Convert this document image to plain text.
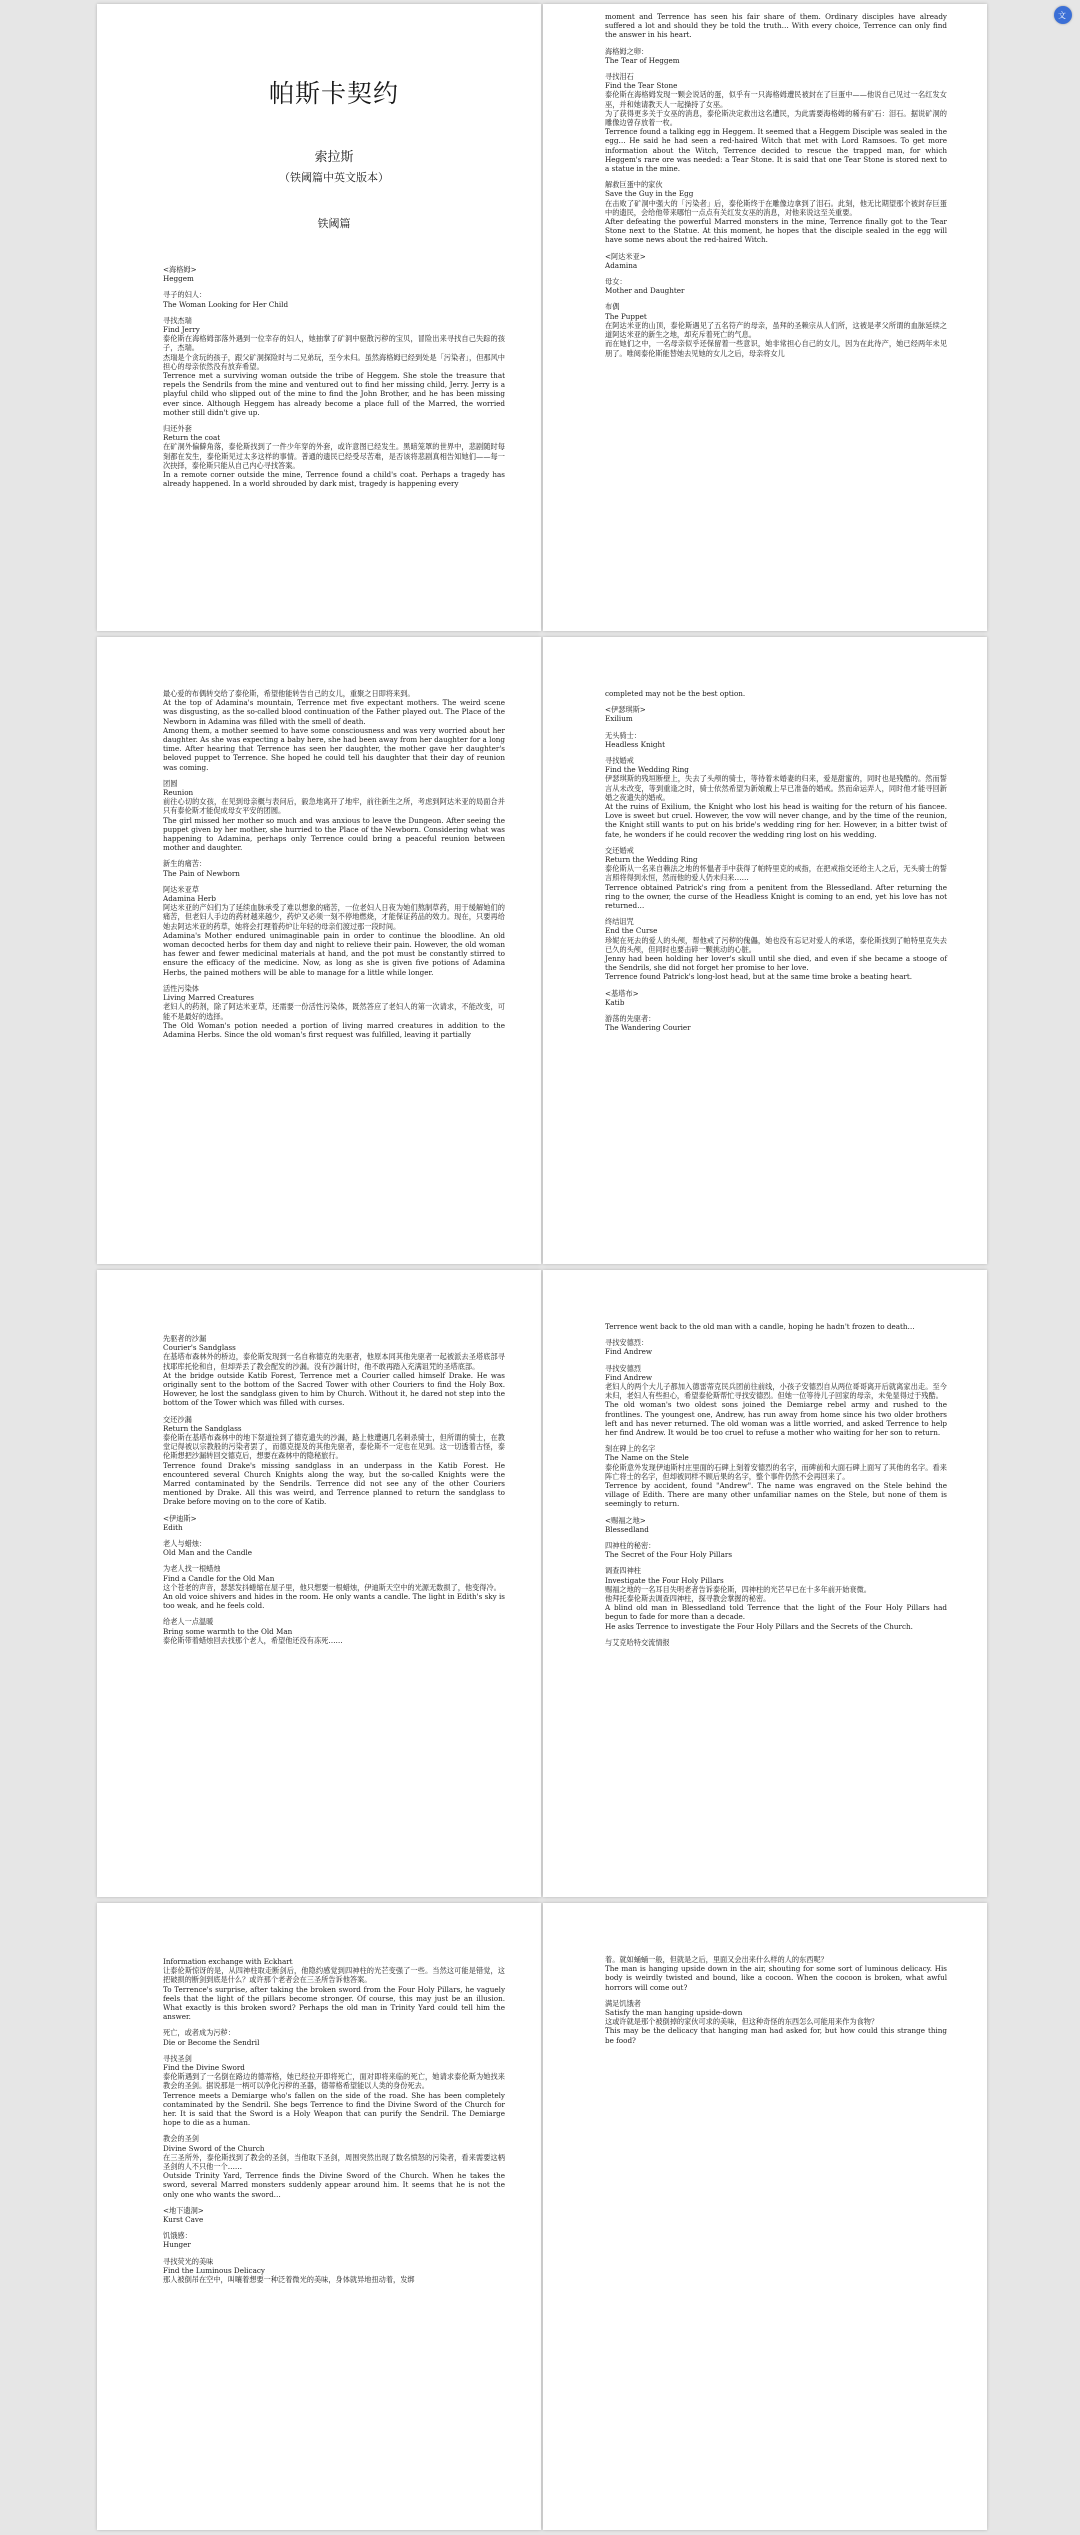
文
帕斯卡契约
索拉斯
（铁阈篇中英文版本）
铁阈篇

<海格姆>

Heggem

寻子的妇人：

The Woman Looking for Her Child

寻找杰瑞

Find Jerry

泰伦斯在海格姆部落外遇到一位幸存的妇人，她抽掌了矿洞中驱散污秽的宝贝，冒险出来寻找自己失踪的孩子，杰瑞。

杰瑞是个贪玩的孩子，跟父矿洞探险时与二兄弟玩，至今未归。虽然海格姆已经到处是「污染者」，但那风中担心的母亲依然没有放弃希望。

Terrence met a surviving woman outside the tribe of Heggem. She stole the treasure that repels the Sendrils from the mine and ventured out to find her missing child, Jerry. Jerry is a playful child who slipped out of the mine to find the John Brother, and he has been missing ever since. Although Heggem has already become a place full of the Marred, the worried mother still didn't give up.

归还外套

Return the coat

在矿洞外偏僻角落，泰伦斯找到了一件少年穿的外套，或许意图已经发生。黑暗笼罩的世界中，悲剧随时每刻都在发生，泰伦斯见过太多这样的事情。普通的遗民已经受尽苦难，是否该将悲剧真相告知她们——每一次抉择，泰伦斯只能从自己内心寻找答案。

In a remote corner outside the mine, Terrence found a child's coat. Perhaps a tragedy has already happened. In a world shrouded by dark mist, tragedy is happening every

moment and Terrence has seen his fair share of them. Ordinary disciples have already suffered a lot and should they be told the truth… With every choice, Terrence can only find the answer in his heart.

海格姆之卵：

The Tear of Heggem

寻找泪石

Find the Tear Stone

泰伦斯在海格姆发现一颗会说话的蛋，似乎有一只海格姆遭民被封在了巨蛋中——他说自己见过一名红发女巫，并和她请教天人一起操持了女巫。

为了获得更多关于女巫的消息，泰伦斯决定救出这名遭民，为此需要海格姆的稀有矿石：泪石。据说矿洞的雕像边曾存放着一枚。

Terrence found a talking egg in Heggem. It seemed that a Heggem Disciple was sealed in the egg… He said he had seen a red-haired Witch that met with Lord Ramsoes. To get more information about the Witch, Terrence decided to rescue the trapped man, for which Heggem's rare ore was needed: a Tear Stone. It is said that one Tear Stone is stored next to a statue in the mine.

解救巨蛋中的家伙

Save the Guy in the Egg

在击败了矿洞中强大的「污染者」后，泰伦斯终于在雕像边拿到了泪石。此刻，他无比期望那个被封存巨蛋中的遗民，会给他带来哪怕一点点有关红发女巫的消息，对他来说这至关重要。

After defeating the powerful Marred monsters in the mine, Terrence finally got to the Tear Stone next to the Statue. At this moment, he hopes that the disciple sealed in the egg will have some news about the red-haired Witch.

<阿达米亚>

Adamina

母女：

Mother and Daughter

布偶

The Puppet

在阿达米亚的山顶，泰伦斯遇见了五名符产的母亲，虽拜的圣赖宗从人们所，这被是孝父所谓的血脉延续之道阿达米亚的新生之地，却充斥着死亡的气息。

而在她们之中，一名母亲似乎还保留着一些意识，她非常担心自己的女儿，因为在此待产，她已经两年未见朋了。唯阅泰伦斯能替她去见她的女儿之后，母亲将女儿

最心爱的布偶转交给了泰伦斯，希望他能转告自己的女儿，重聚之日即将来到。

At the top of Adamina's mountain, Terrence met five expectant mothers. The weird scene was disgusting, as the so-called blood continuation of the Father played out. The Place of the Newborn in Adamina was filled with the smell of death.

Among them, a mother seemed to have some consciousness and was very worried about her daughter. As she was expecting a baby here, she had been away from her daughter for a long time. After hearing that Terrence has seen her daughter, the mother gave her daughter's beloved puppet to Terrence. She hoped he could tell his daughter that their day of reunion was coming.

团圆

Reunion

前往心切的女孩，在见到母亲概与表问后，毅急地离开了地牢，前往新生之所，考虑到阿达米亚的局面合并只有泰伦斯才能促成母女平安的团圆。

The girl missed her mother so much and was anxious to leave the Dungeon. After seeing the puppet given by her mother, she hurried to the Place of the Newborn. Considering what was happening to Adamina, perhaps only Terrence could bring a peaceful reunion between mother and daughter.

新生的痛苦：

The Pain of Newborn

阿达米亚草

Adamina Herb

阿达米亚的产妇们为了延续血脉承受了难以想象的痛苦，一位老妇人日夜为她们熬制草药，用于缓解她们的痛苦，但老妇人手边的药材越来越少，药炉又必须一刻不停地燃烧，才能保证药品的效力。现在，只要再给她去阿达米亚的药草，她将会打理着药炉让年轻的母亲们渡过那一段时间。

Adamina's Mother endured unimaginable pain in order to continue the bloodline. An old woman decocted herbs for them day and night to relieve their pain. However, the old woman has fewer and fewer medicinal materials at hand, and the pot must be constantly stirred to ensure the efficacy of the medicine. Now, as long as she is given five potions of Adamina Herbs, the pained mothers will be able to manage for a little while longer.

活性污染体

Living Marred Creatures

老妇人的药剂，除了阿达米亚草，还需要一份活性污染体，既然答应了老妇人的第一次请求，不能改变，可能不是最好的选择。

The Old Woman's potion needed a portion of living marred creatures in addition to the Adamina Herbs. Since the old woman's first request was fulfilled, leaving it partially

completed may not be the best option.

<伊瑟琪斯>

Exilium

无头骑士：

Headless Knight

寻找婚戒

Find the Wedding Ring

伊瑟琪斯的残垣断壁上，失去了头颅的骑士，等待着未婚妻的归来，爱是甜蜜的，同时也是残酷的。然而誓言从未改变，等到重逢之时，骑士依然希望为新娘戴上早已准备的婚戒。然而命运弄人，同时他才能寻回新婚之夜遗失的婚戒。

At the ruins of Exilium, the Knight who lost his head is waiting for the return of his fiancee. Love is sweet but cruel. However, the vow will never change, and by the time of the reunion, the Knight still wants to put on his bride's wedding ring for her. However, in a bitter twist of fate, he wonders if he could recover the wedding ring lost on his wedding.

交还婚戒

Return the Wedding Ring

泰伦斯从一名来自赖法之地的怀愠者手中获得了帕特里克的戒指，在把戒指交还给主人之后，无头骑士的誓言照将得到永恒，然而他的爱人仍未归来……

Terrence obtained Patrick's ring from a penitent from the Blessedland. After returning the ring to the owner, the curse of the Headless Knight is coming to an end, yet his love has not returned…

终结诅咒

End the Curse

珍妮在死去的爱人的头颅，帮他戒了污秽的傀儡，她也没有忘记对爱人的承诺，泰伦斯找到了帕特里克失去已久的头颅，但同时也要击碎一颗挑动的心脏。

Jenny had been holding her lover's skull until she died, and even if she became a stooge of the Sendrils, she did not forget her promise to her love.

Terrence found Patrick's long-lost head, but at the same time broke a beating heart.

<基塔布>

Katib

游荡的先驱者：

The Wandering Courier

先驱者的沙漏

Courier's Sandglass

在基塔布森林外的桥边，泰伦斯发现到一名自称德克的先驱者，他原本同其他先驱者一起被派去圣塔底部寻找耶库托伦和自，但却弄丢了教会配发的沙漏。没有沙漏计时，他不敢再踏入充满诅咒的圣塔底部。

At the bridge outside Katib Forest, Terrence met a Courier called himself Drake. He was originally sent to the bottom of the Sacred Tower with other Couriers to find the Holy Box. However, he lost the sandglass given to him by Church. Without it, he dared not step into the bottom of the Tower which was filled with curses.

交还沙漏

Return the Sandglass

泰伦斯在基塔布森林中的地下祭道捡到了德克遗失的沙漏，路上他遭遇几名刺杀骑士，但所谓的骑士，在教堂记得被以宗教般的污染者罢了，而德克提及的其他先驱者，泰伦斯不一定也在见到。这一切透着古怪，泰伦斯想把沙漏转回交德克后，想要在森林中的隐秘旅行。

Terrence found Drake's missing sandglass in an underpass in the Katib Forest. He encountered several Church Knights along the way, but the so-called Knights were the Marred contaminated by the Sendrils. Terrence did not see any of the other Couriers mentioned by Drake. All this was weird, and Terrence planned to return the sandglass to Drake before moving on to the core of Katib.

<伊迪斯>

Edith

老人与蜡烛：

Old Man and the Candle

为老人找一根蜡烛

Find a Candle for the Old Man

这个苍老的声音，瑟瑟发抖蜷缩在屋子里，他只想要一根蜡烛，伊迪斯天空中的光源无数损了，他变得冷。

An old voice shivers and hides in the room. He only wants a candle. The light in Edith's sky is too weak, and he feels cold.

给老人一点温暖

Bring some warmth to the Old Man

泰伦斯带着蜡烛回去找那个老人，希望他还没有冻死……

Terrence went back to the old man with a candle, hoping he hadn't frozen to death…

寻找安德烈：

Find Andrew

寻找安德烈

Find Andrew

老妇人的两个大儿子都加入德雷蒂克民兵团前往前线，小孩子安德烈自从两位哥哥离开后就离家出走。至今未归，老妇人有些担心，希望泰伦斯帮忙寻找安德烈。但她一位等待儿子回家的母亲，未免显得过于残酷。

The old woman's two oldest sons joined the Demiarge rebel army and rushed to the frontlines. The youngest one, Andrew, has run away from home since his two older brothers left and has never returned. The old woman was a little worried, and asked Terrence to help her find Andrew. It would be too cruel to refuse a mother who waiting for her son to return.

刻在碑上的名字

The Name on the Stele

泰伦斯意外发现伊迪斯村庄里面的石碑上刻着安德烈的名字，而碑前和大面石碑上面写了其他的名字。看来阵亡将士的名字，但却被同样不顾后果的名字，整个事件仍然不会再回来了。

Terrence by accident, found "Andrew". The name was engraved on the Stele behind the village of Edith. There are many other unfamiliar names on the Stele, but none of them is seemingly to return.

<赐福之地>

Blessedland

四神柱的秘密：

The Secret of the Four Holy Pillars

调查四神柱

Investigate the Four Holy Pillars

赐福之地的一名耳目失明老者告诉泰伦斯，四神柱的光芒早已在十多年前开始衰微。

他拜托泰伦斯去调查四神柱，探寻教会掌握的秘密。

A blind old man in Blessedland told Terrence that the light of the Four Holy Pillars had begun to fade for more than a decade.

He asks Terrence to investigate the Four Holy Pillars and the Secrets of the Church.

与艾克哈特交流情报

Information exchange with Eckhart

让泰伦斯惊讶的是，从四神柱取走断剑后，他隐约感觉到四神柱的光芒变强了一些。当然这可能是错觉，这把破损的断剑到底是什么？或许那个老者会在三圣所告诉他答案。

To Terrence's surprise, after taking the broken sword from the Four Holy Pillars, he vaguely feels that the light of the pillars become stronger. Of course, this may just be an illusion. What exactly is this broken sword? Perhaps the old man in Trinity Yard could tell him the answer.

死亡，或者成为污秽：

Die or Become the Sendril

寻找圣剑

Find the Divine Sword

泰伦斯遇到了一名倒在路边的德蒂格，她已经拉开即将死亡，面对即将来临的死亡，她请求泰伦斯为她找来教会的圣剑。据说那是一柄可以净化污秽的圣器，德蒂格希望能以人类的身份死去。

Terrence meets a Demiarge who's fallen on the side of the road. She has been completely contaminated by the Sendril. She begs Terrence to find the Divine Sword of the Church for her. It is said that the Sword is a Holy Weapon that can purify the Sendril. The Demiarge hope to die as a human.

教会的圣剑

Divine Sword of the Church

在三圣所外，泰伦斯找到了教会的圣剑，当他取下圣剑，周围突然出现了数名愤怒的污染者，看来需要这柄圣剑的人不只他一个……

Outside Trinity Yard, Terrence finds the Divine Sword of the Church. When he takes the sword, several Marred monsters suddenly appear around him. It seems that he is not the only one who wants the sword…

<地下遗洞>

Kurst Cave

饥饿感：

Hunger

寻找荧光的美味

Find the Luminous Delicacy

那人被倒吊在空中，叫嚷着想要一种泛着微光的美味，身体就异地扭动着，发绑

着。就如蛹蛹一般，但就是之后，里面又会出来什么样的人的东西呢？

The man is hanging upside down in the air, shouting for some sort of luminous delicacy. His body is weirdly twisted and bound, like a cocoon. When the cocoon is broken, what awful horrors will come out?

满足饥饿者

Satisfy the man hanging upside-down

这或许就是那个被倒掉的家伙可求的美味，但这种奇怪的东西怎么可能用来作为食物？

This may be the delicacy that hanging man had asked for, but how could this strange thing be food?
